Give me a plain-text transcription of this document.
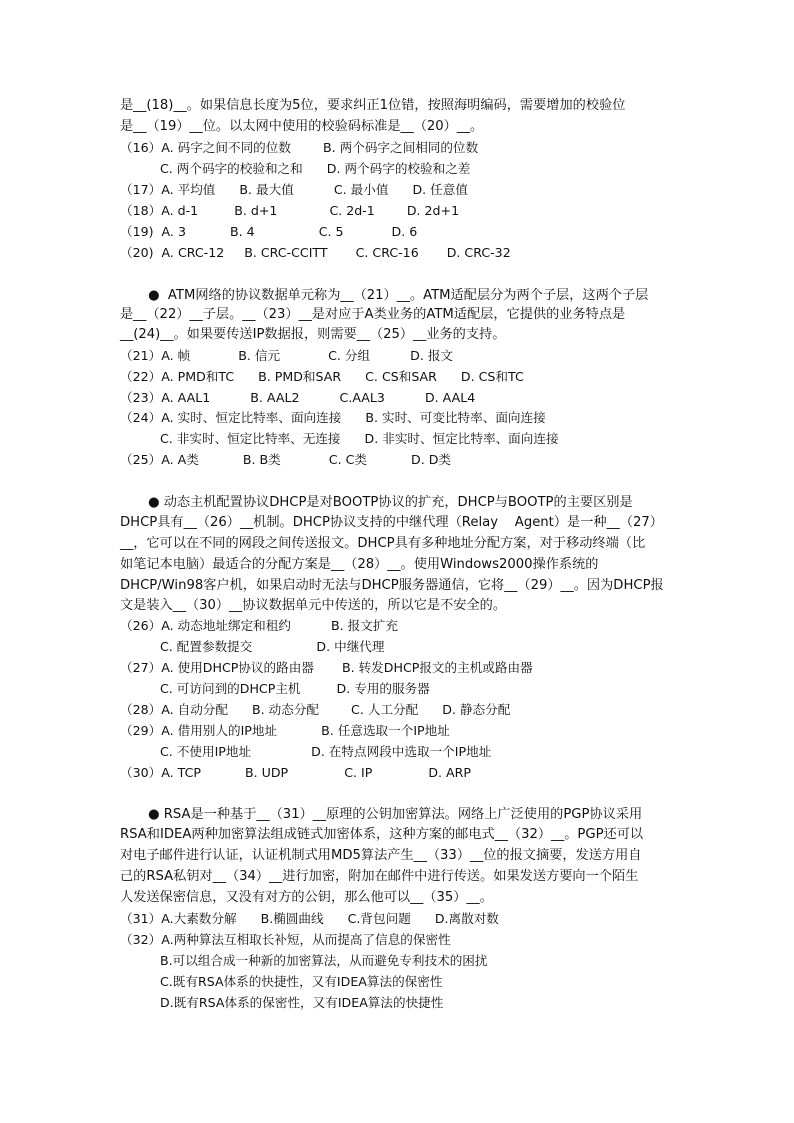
是__(18)__。如果信息长度为5位，要求纠正1位错，按照海明编码，需要增加的校验位
是__（19）__位。以太网中使用的校验码标准是__（20）__。
（16）A. 码字之间不同的位数        B. 两个码字之间相同的位数
C. 两个码字的校验和之和      D. 两个码字的校验和之差
（17）A. 平均值      B. 最大值          C. 最小值      D. 任意值
（18）A. d-1         B. d+1             C. 2d-1        D. 2d+1
（19)  A. 3           B. 4                C. 5            D. 6
（20)  A. CRC-12     B. CRC-CCITT       C. CRC-16       D. CRC-32
●  ATM网络的协议数据单元称为__（21）__。ATM适配层分为两个子层，这两个子层
是__（22）__子层。__（23）__是对应于A类业务的ATM适配层，它提供的业务特点是
__(24)__。如果要传送IP数据报，则需要__（25）__业务的支持。
（21）A. 帧            B. 信元            C. 分组          D. 报文
（22）A. PMD和TC      B. PMD和SAR      C. CS和SAR      D. CS和TC
（23）A. AAL1          B. AAL2          C.AAL3          D. AAL4
（24）A. 实时、恒定比特率、面向连接      B. 实时、可变比特率、面向连接
C. 非实时、恒定比特率、无连接      D. 非实时、恒定比特率、面向连接
（25）A. A类           B. B类            C. C类           D. D类
● 动态主机配置协议DHCP是对BOOTP协议的扩充，DHCP与BOOTP的主要区别是
DHCP具有__（26）__机制。DHCP协议支持的中继代理（Relay    Agent）是一种__（27）
__，它可以在不同的网段之间传送报文。DHCP具有多种地址分配方案，对于移动终端（比
如笔记本电脑）最适合的分配方案是__（28）__。使用Windows2000操作系统的
DHCP/Win98客户机，如果启动时无法与DHCP服务器通信，它将__（29）__。因为DHCP报
文是装入__（30）__协议数据单元中传送的，所以它是不安全的。
（26）A. 动态地址绑定和租约          B. 报文扩充
C. 配置参数提交                D. 中继代理
（27）A. 使用DHCP协议的路由器       B. 转发DHCP报文的主机或路由器
C. 可访问到的DHCP主机         D. 专用的服务器
（28）A. 自动分配      B. 动态分配        C. 人工分配      D. 静态分配
（29）A. 借用别人的IP地址           B. 任意选取一个IP地址
C. 不使用IP地址               D. 在特点网段中选取一个IP地址
（30）A. TCP           B. UDP              C. IP              D. ARP
● RSA是一种基于__（31）__原理的公钥加密算法。网络上广泛使用的PGP协议采用
RSA和IDEA两种加密算法组成链式加密体系，这种方案的邮电式__（32）__。PGP还可以
对电子邮件进行认证，认证机制式用MD5算法产生__（33）__位的报文摘要，发送方用自
己的RSA私钥对__（34）__进行加密，附加在邮件中进行传送。如果发送方要向一个陌生
人发送保密信息，又没有对方的公钥，那么他可以__（35）__。
（31）A.大素数分解      B.椭圆曲线      C.背包问题      D.离散对数
（32）A.两种算法互相取长补短，从而提高了信息的保密性
B.可以组合成一种新的加密算法，从而避免专利技术的困扰
C.既有RSA体系的快捷性，又有IDEA算法的保密性
D.既有RSA体系的保密性，又有IDEA算法的快捷性
